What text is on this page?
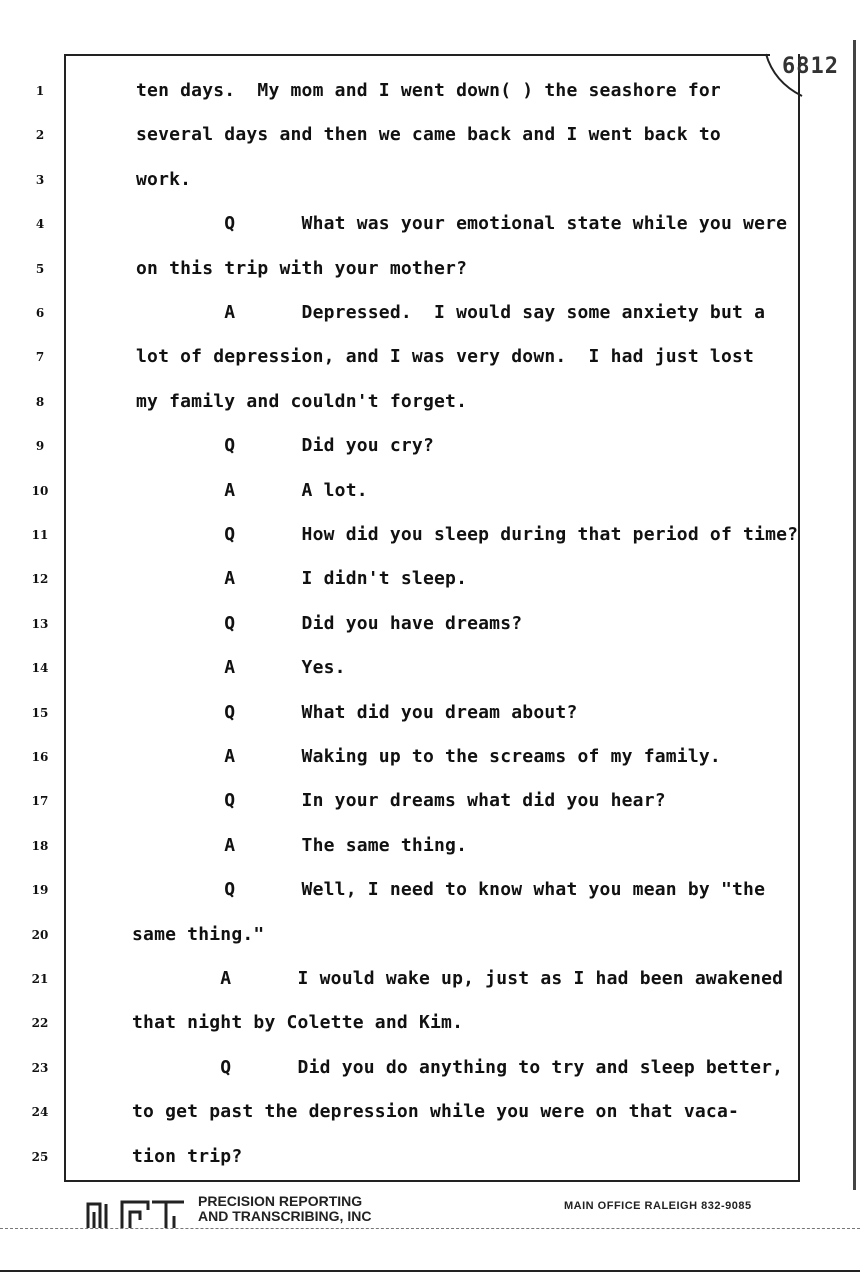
6812
1	ten days.  My mom and I went down( ) the seashore for
2	several days and then we came back and I went back to
3	work.
4	Q      What was your emotional state while you were
5	on this trip with your mother?
6	A      Depressed.  I would say some anxiety but a
7	lot of depression, and I was very down.  I had just lost
8	my family and couldn't forget.
9	Q      Did you cry?
10	A      A lot.
11	Q      How did you sleep during that period of time?
12	A      I didn't sleep.
13	Q      Did you have dreams?
14	A      Yes.
15	Q      What did you dream about?
16	A      Waking up to the screams of my family.
17	Q      In your dreams what did you hear?
18	A      The same thing.
19	Q      Well, I need to know what you mean by "the
20	same thing."
21	A      I would wake up, just as I had been awakened
22	that night by Colette and Kim.
23	Q      Did you do anything to try and sleep better,
24	to get past the depression while you were on that vaca-
25	tion trip?
PRECISION REPORTING
AND TRANSCRIBING, INC
MAIN OFFICE RALEIGH 832-9085
